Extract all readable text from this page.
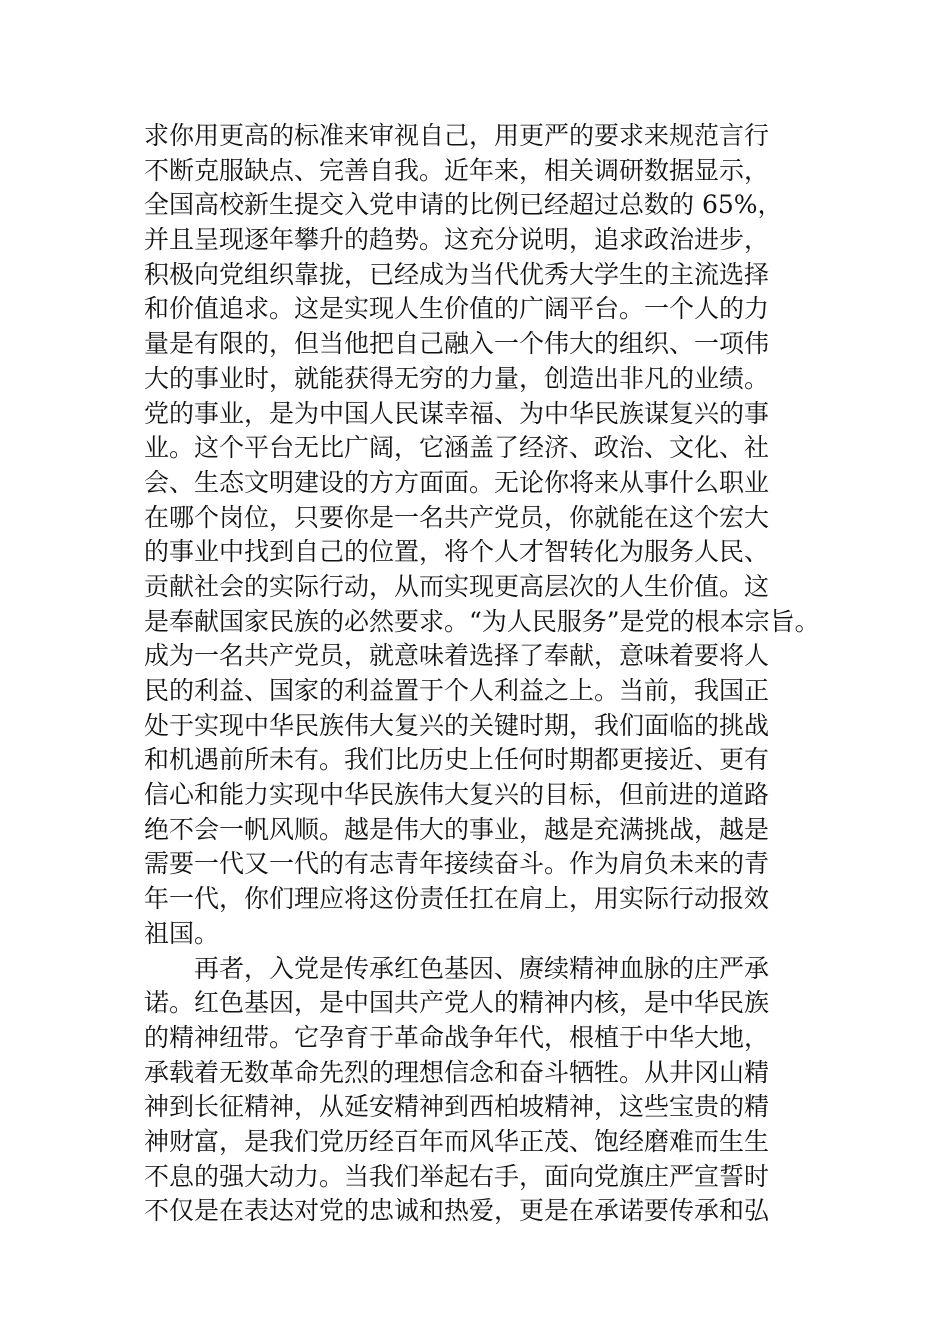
求你用更高的标准来审视自己，用更严的要求来规范言行
不断克服缺点、完善自我。近年来，相关调研数据显示，
全国高校新生提交入党申请的比例已经超过总数的 65%，
并且呈现逐年攀升的趋势。这充分说明，追求政治进步，
积极向党组织靠拢，已经成为当代优秀大学生的主流选择
和价值追求。这是实现人生价值的广阔平台。一个人的力
量是有限的，但当他把自己融入一个伟大的组织、一项伟
大的事业时，就能获得无穷的力量，创造出非凡的业绩。
党的事业，是为中国人民谋幸福、为中华民族谋复兴的事
业。这个平台无比广阔，它涵盖了经济、政治、文化、社
会、生态文明建设的方方面面。无论你将来从事什么职业
在哪个岗位，只要你是一名共产党员，你就能在这个宏大
的事业中找到自己的位置，将个人才智转化为服务人民、
贡献社会的实际行动，从而实现更高层次的人生价值。这
是奉献国家民族的必然要求。“为人民服务”是党的根本宗旨。
成为一名共产党员，就意味着选择了奉献，意味着要将人
民的利益、国家的利益置于个人利益之上。当前，我国正
处于实现中华民族伟大复兴的关键时期，我们面临的挑战
和机遇前所未有。我们比历史上任何时期都更接近、更有
信心和能力实现中华民族伟大复兴的目标，但前进的道路
绝不会一帆风顺。越是伟大的事业，越是充满挑战，越是
需要一代又一代的有志青年接续奋斗。作为肩负未来的青
年一代，你们理应将这份责任扛在肩上，用实际行动报效
祖国。
再者，入党是传承红色基因、赓续精神血脉的庄严承
诺。红色基因，是中国共产党人的精神内核，是中华民族
的精神纽带。它孕育于革命战争年代，根植于中华大地，
承载着无数革命先烈的理想信念和奋斗牺牲。从井冈山精
神到长征精神，从延安精神到西柏坡精神，这些宝贵的精
神财富，是我们党历经百年而风华正茂、饱经磨难而生生
不息的强大动力。当我们举起右手，面向党旗庄严宣誓时
不仅是在表达对党的忠诚和热爱，更是在承诺要传承和弘
